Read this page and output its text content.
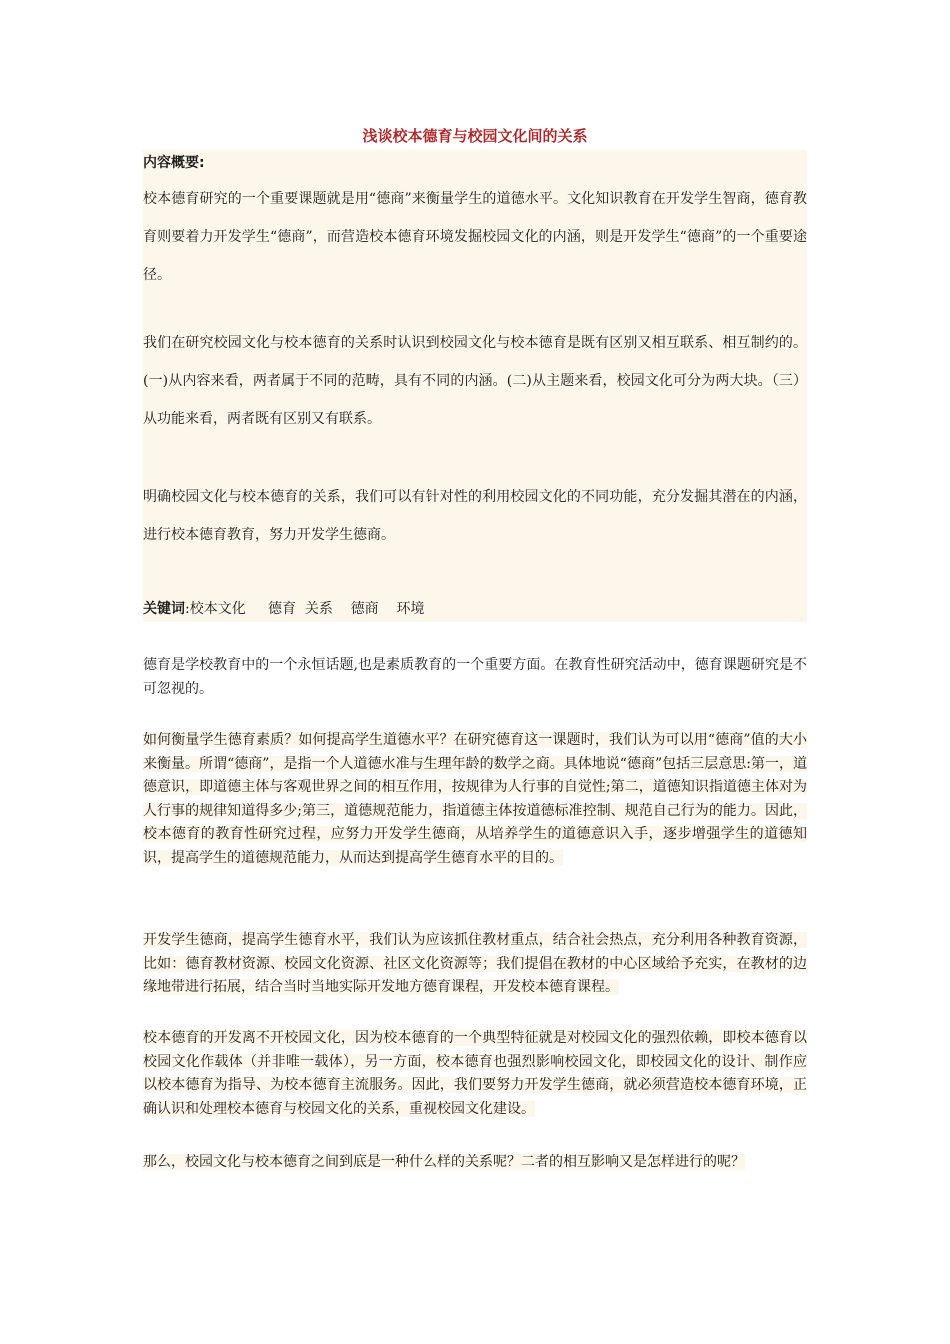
浅谈校本德育与校园文化间的关系
内容概要:

校本德育研究的一个重要课题就是用“德商”来衡量学生的道德水平。文化知识教育在开发学生智商，德育教育则要着力开发学生“德商”，而营造校本德育环境发掘校园文化的内涵，则是开发学生“德商”的一个重要途径。

我们在研究校园文化与校本德育的关系时认识到校园文化与校本德育是既有区别又相互联系、相互制约的。(一)从内容来看，两者属于不同的范畴，具有不同的内涵。(二)从主题来看，校园文化可分为两大块。（三）从功能来看，两者既有区别又有联系。

明确校园文化与校本德育的关系，我们可以有针对性的利用校园文化的不同功能，充分发掘其潜在的内涵，进行校本德育教育，努力开发学生德商。

关键词:校本文化     德育  关系    德商    环境

德育是学校教育中的一个永恒话题,也是素质教育的一个重要方面。在教育性研究活动中，德育课题研究是不可忽视的。

如何衡量学生德育素质？如何提高学生道德水平？在研究德育这一课题时，我们认为可以用“德商”值的大小来衡量。所谓“德商”，是指一个人道德水准与生理年龄的数学之商。具体地说“德商”包括三层意思:第一，道德意识，即道德主体与客观世界之间的相互作用，按规律为人行事的自觉性;第二，道德知识指道德主体对为人行事的规律知道得多少;第三，道德规范能力，指道德主体按道德标准控制、规范自己行为的能力。因此，校本德育的教育性研究过程，应努力开发学生德商，从培养学生的道德意识入手，逐步增强学生的道德知识，提高学生的道德规范能力，从而达到提高学生德育水平的目的。

开发学生德商，提高学生德育水平，我们认为应该抓住教材重点，结合社会热点，充分利用各种教育资源，比如：德育教材资源、校园文化资源、社区文化资源等；我们提倡在教材的中心区域给予充实，在教材的边缘地带进行拓展，结合当时当地实际开发地方德育课程，开发校本德育课程。

校本德育的开发离不开校园文化，因为校本德育的一个典型特征就是对校园文化的强烈依赖，即校本德育以校园文化作载体（并非唯一载体），另一方面，校本德育也强烈影响校园文化，即校园文化的设计、制作应以校本德育为指导、为校本德育主流服务。因此，我们要努力开发学生德商，就必须营造校本德育环境，正确认识和处理校本德育与校园文化的关系，重视校园文化建设。

那么，校园文化与校本德育之间到底是一种什么样的关系呢？二者的相互影响又是怎样进行的呢？
